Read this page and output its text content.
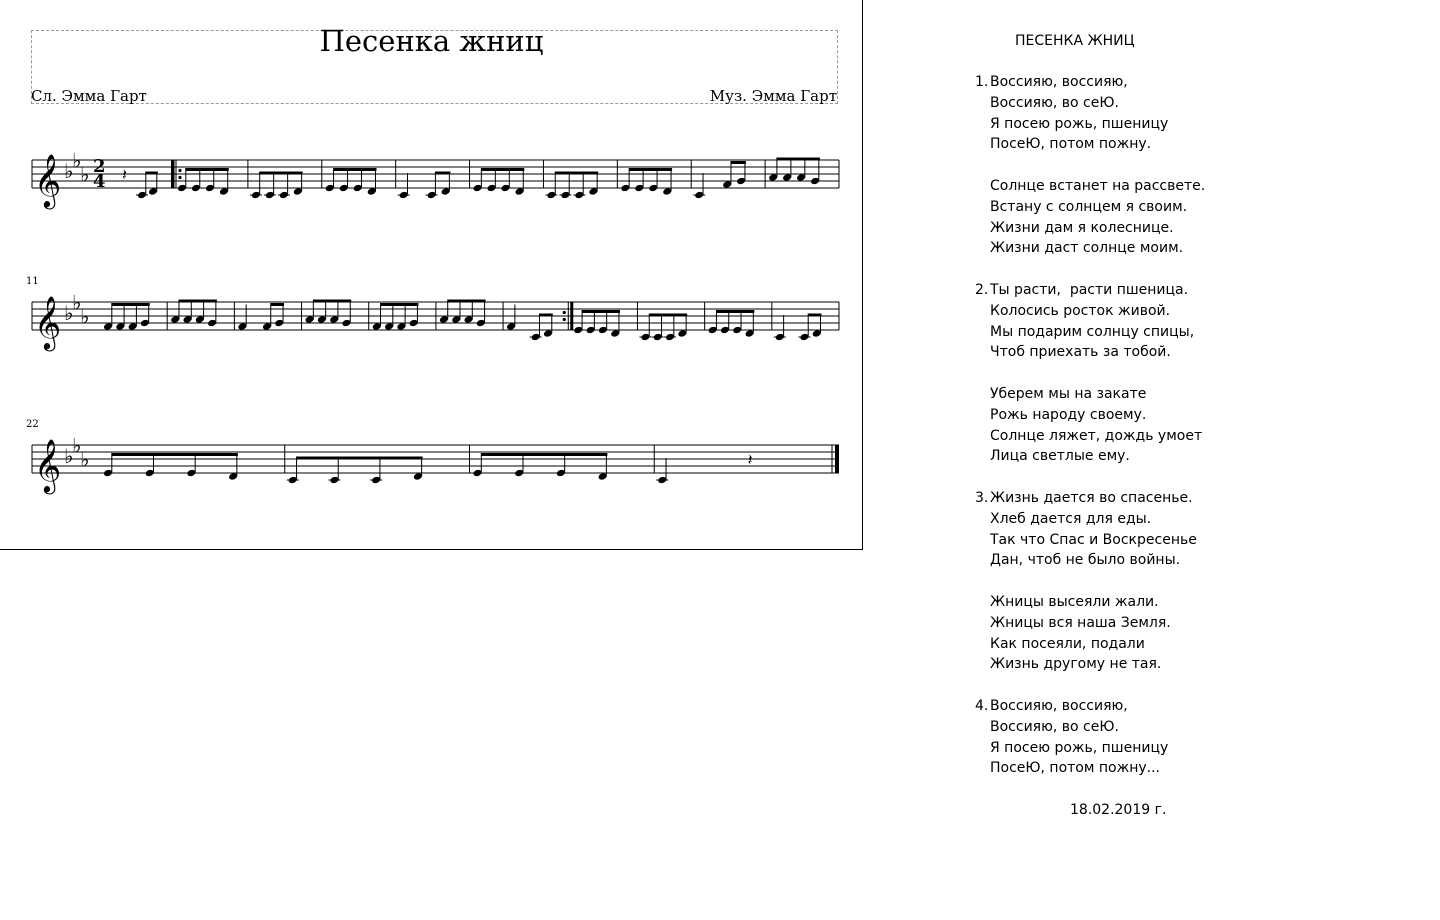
Песенка жниц
Сл. Эмма Гарт	Муз. Эмма Гарт
𝄞 ♭
♭
♭ 2
4 𝄽
𝄞 ♭
♭
♭
11
𝄞 ♭
♭
♭
22
𝄽
ПЕСЕНКА ЖНИЦ
1. Воссияю, воссияю,
Воссияю, во сеЮ.
Я посею рожь, пшеницу
ПосеЮ, потом пожну.
Солнце встанет на рассвете.
Встану с солнцем я своим.
Жизни дам я колеснице.
Жизни даст солнце моим.
2. Ты расти,  расти пшеница.
Колосись росток живой.
Мы подарим солнцу спицы,
Чтоб приехать за тобой.
Уберем мы на закате
Рожь народу своему.
Солнце ляжет, дождь умоет
Лица светлые ему.
3. Жизнь дается во спасенье.
Хлеб дается для еды.
Так что Спас и Воскресенье
Дан, чтоб не было войны.
Жницы высеяли жали.
Жницы вся наша Земля.
Как посеяли, подали
Жизнь другому не тая.
4. Воссияю, воссияю,
Воссияю, во сеЮ.
Я посею рожь, пшеницу
ПосеЮ, потом пожну...
18.02.2019 г.
